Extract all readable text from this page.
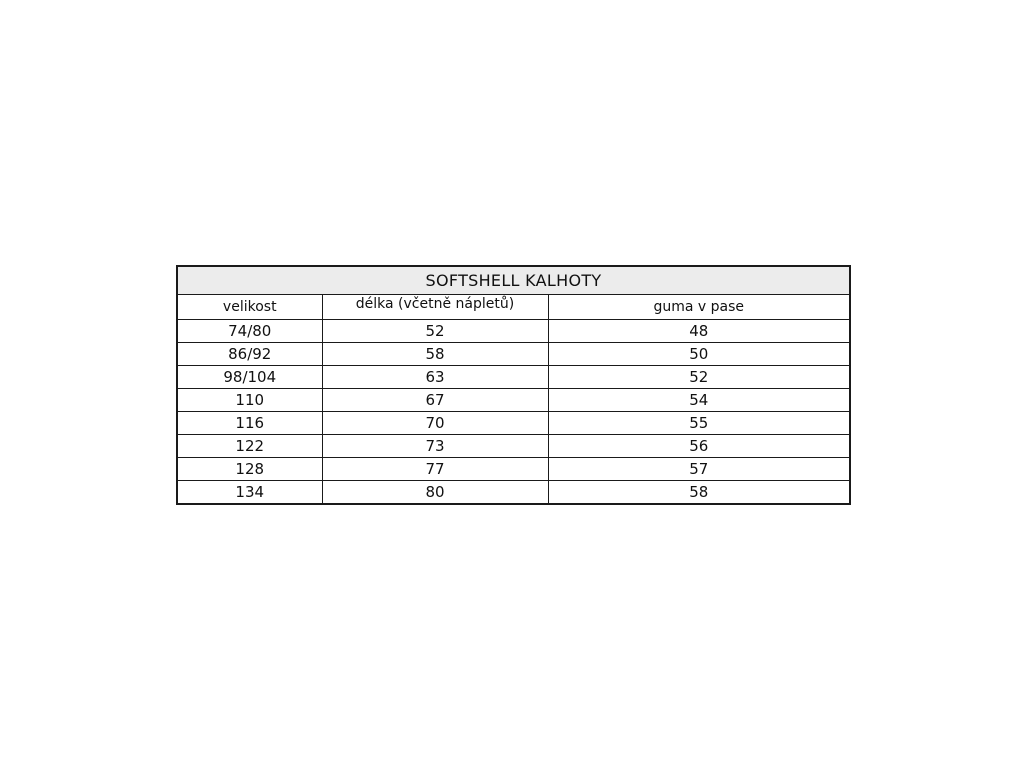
SOFTSHELL KALHOTY		
velikost	délka (včetně nápletů)	guma v pase
74/80	52	48
86/92	58	50
98/104	63	52
110	67	54
116	70	55
122	73	56
128	77	57
134	80	58
